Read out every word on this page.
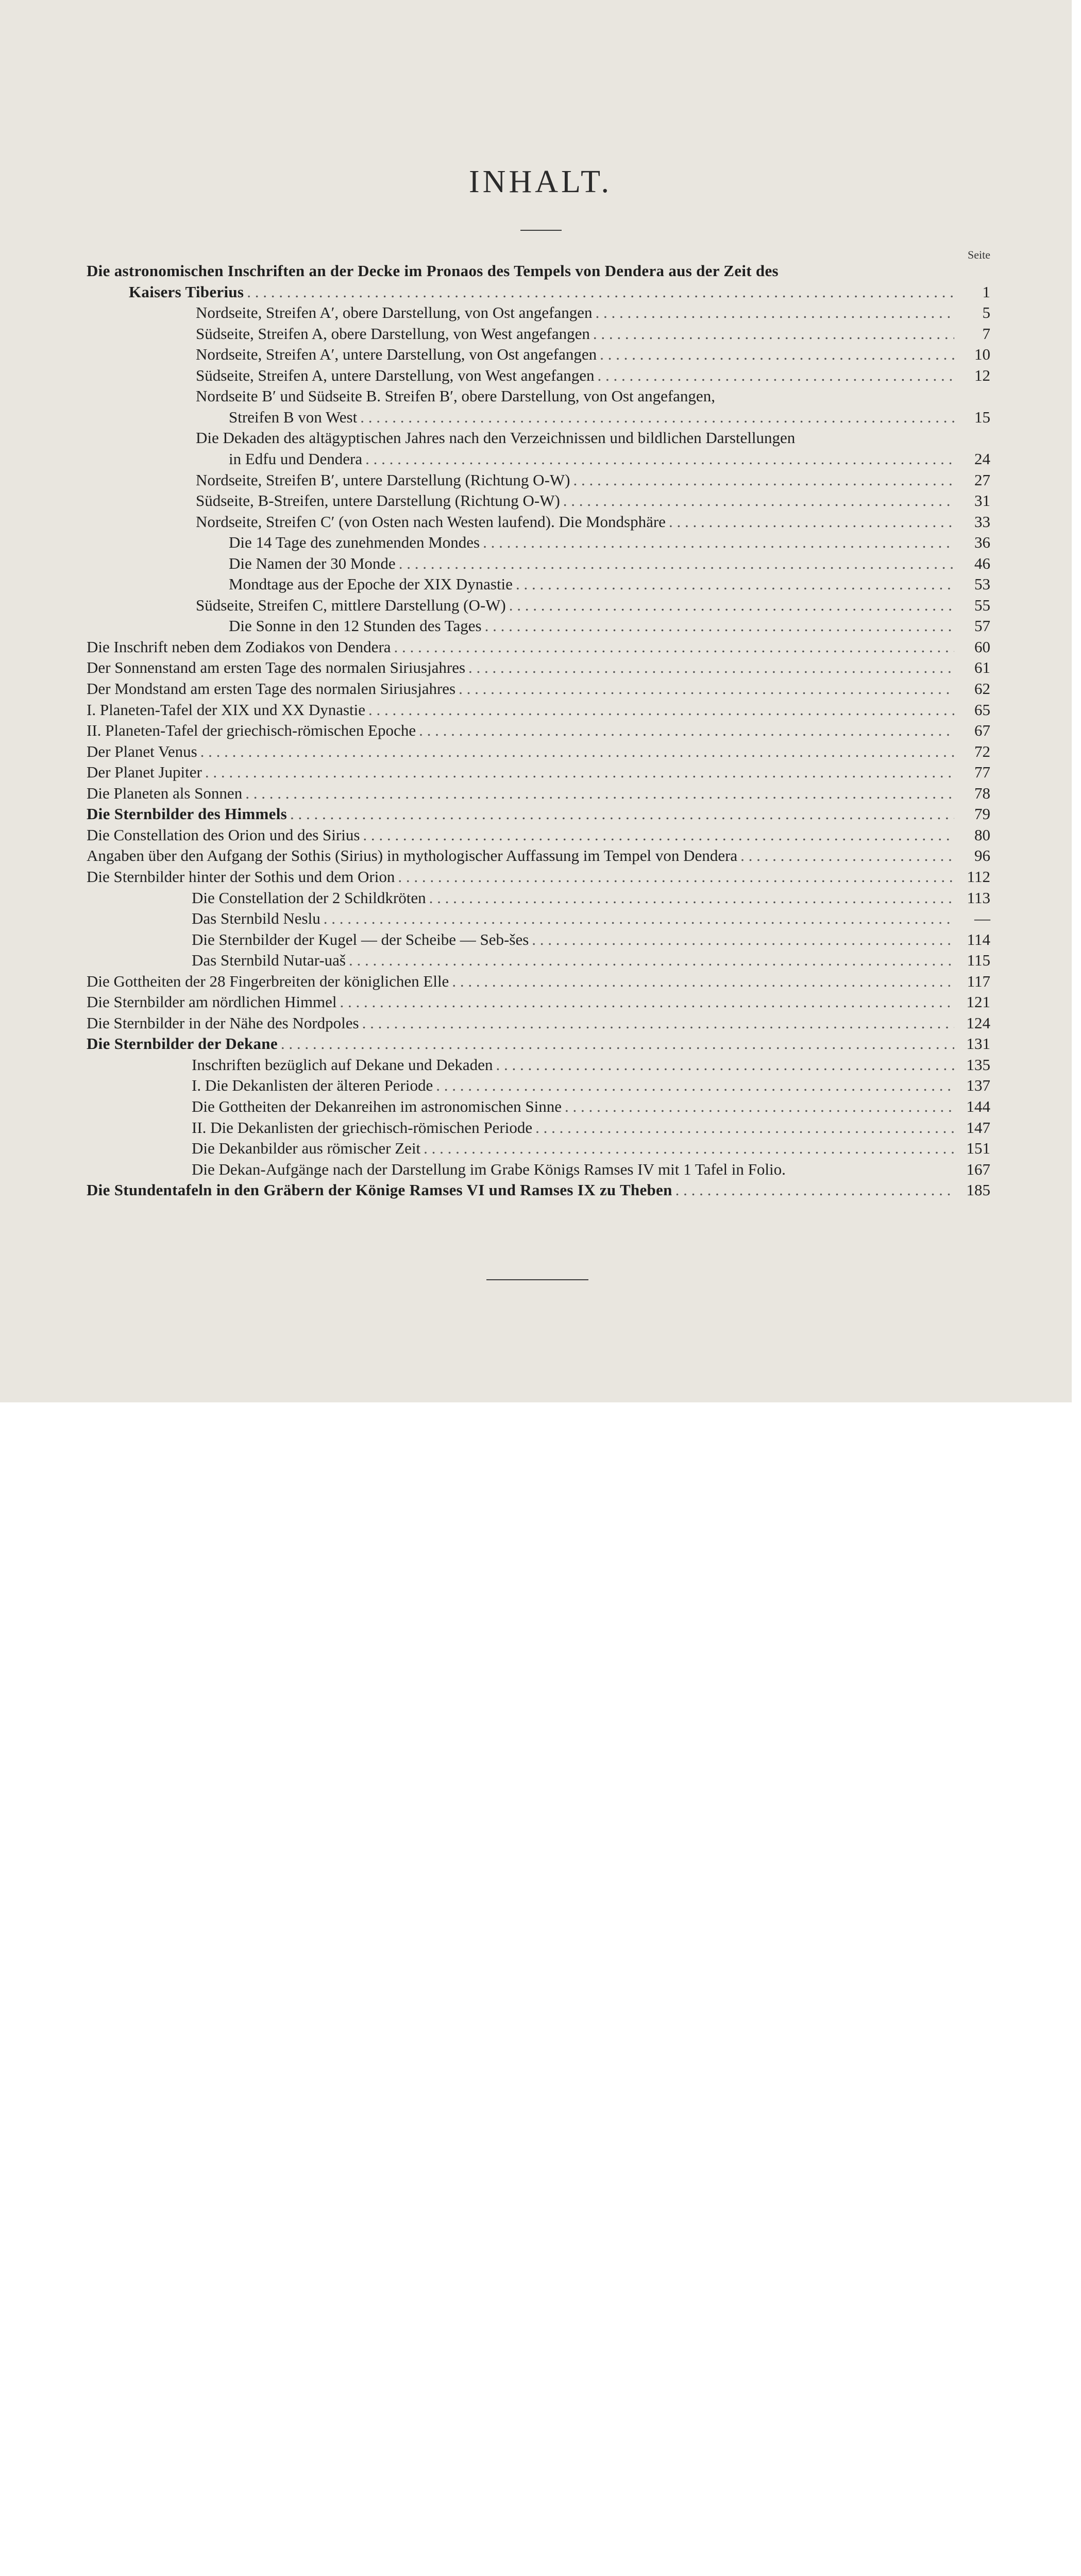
INHALT.
Seite
Die astronomischen Inschriften an der Decke im Pronaos des Tempels von Dendera aus der Zeit des
Kaisers Tiberius . . .	1
Nordseite, Streifen A′, obere Darstellung, von Ost angefangen . . .	5
Südseite, Streifen A, obere Darstellung, von West angefangen . . .	7
Nordseite, Streifen A′, untere Darstellung, von Ost angefangen . . .	10
Südseite, Streifen A, untere Darstellung, von West angefangen . . .	12
Nordseite B′ und Südseite B. Streifen B′, obere Darstellung, von Ost angefangen,
Streifen B von West . . .	15
Die Dekaden des altägyptischen Jahres nach den Verzeichnissen und bildlichen Darstellungen
in Edfu und Dendera . . .	24
Nordseite, Streifen B′, untere Darstellung (Richtung O-W) . . .	27
Südseite, B-Streifen, untere Darstellung (Richtung O-W) . . .	31
Nordseite, Streifen C′ (von Osten nach Westen laufend). Die Mondsphäre . . .	33
Die 14 Tage des zunehmenden Mondes . . .	36
Die Namen der 30 Monde . . .	46
Mondtage aus der Epoche der XIX Dynastie . . .	53
Südseite, Streifen C, mittlere Darstellung (O-W) . . .	55
Die Sonne in den 12 Stunden des Tages . . .	57
Die Inschrift neben dem Zodiakos von Dendera . . .	60
Der Sonnenstand am ersten Tage des normalen Siriusjahres . . .	61
Der Mondstand am ersten Tage des normalen Siriusjahres . . .	62
I. Planeten-Tafel der XIX und XX Dynastie . . .	65
II. Planeten-Tafel der griechisch-römischen Epoche . . .	67
Der Planet Venus . . .	72
Der Planet Jupiter . . .	77
Die Planeten als Sonnen . . .	78
Die Sternbilder des Himmels . . .	79
Die Constellation des Orion und des Sirius . . .	80
Angaben über den Aufgang der Sothis (Sirius) in mythologischer Auffassung im Tempel von Dendera . . .	96
Die Sternbilder hinter der Sothis und dem Orion . . .	112
Die Constellation der 2 Schildkröten . . .	113
Das Sternbild Neslu . . .	—
Die Sternbilder der Kugel — der Scheibe — Seb-šes . . .	114
Das Sternbild Nutar-uaš . . .	115
Die Gottheiten der 28 Fingerbreiten der königlichen Elle . . .	117
Die Sternbilder am nördlichen Himmel . . .	121
Die Sternbilder in der Nähe des Nordpoles . . .	124
Die Sternbilder der Dekane . . .	131
Inschriften bezüglich auf Dekane und Dekaden . . .	135
I. Die Dekanlisten der älteren Periode . . .	137
Die Gottheiten der Dekanreihen im astronomischen Sinne . . .	144
II. Die Dekanlisten der griechisch-römischen Periode . . .	147
Die Dekanbilder aus römischer Zeit . . .	151
Die Dekan-Aufgänge nach der Darstellung im Grabe Königs Ramses IV mit 1 Tafel in Folio.	167
Die Stundentafeln in den Gräbern der Könige Ramses VI und Ramses IX zu Theben . . .	185
